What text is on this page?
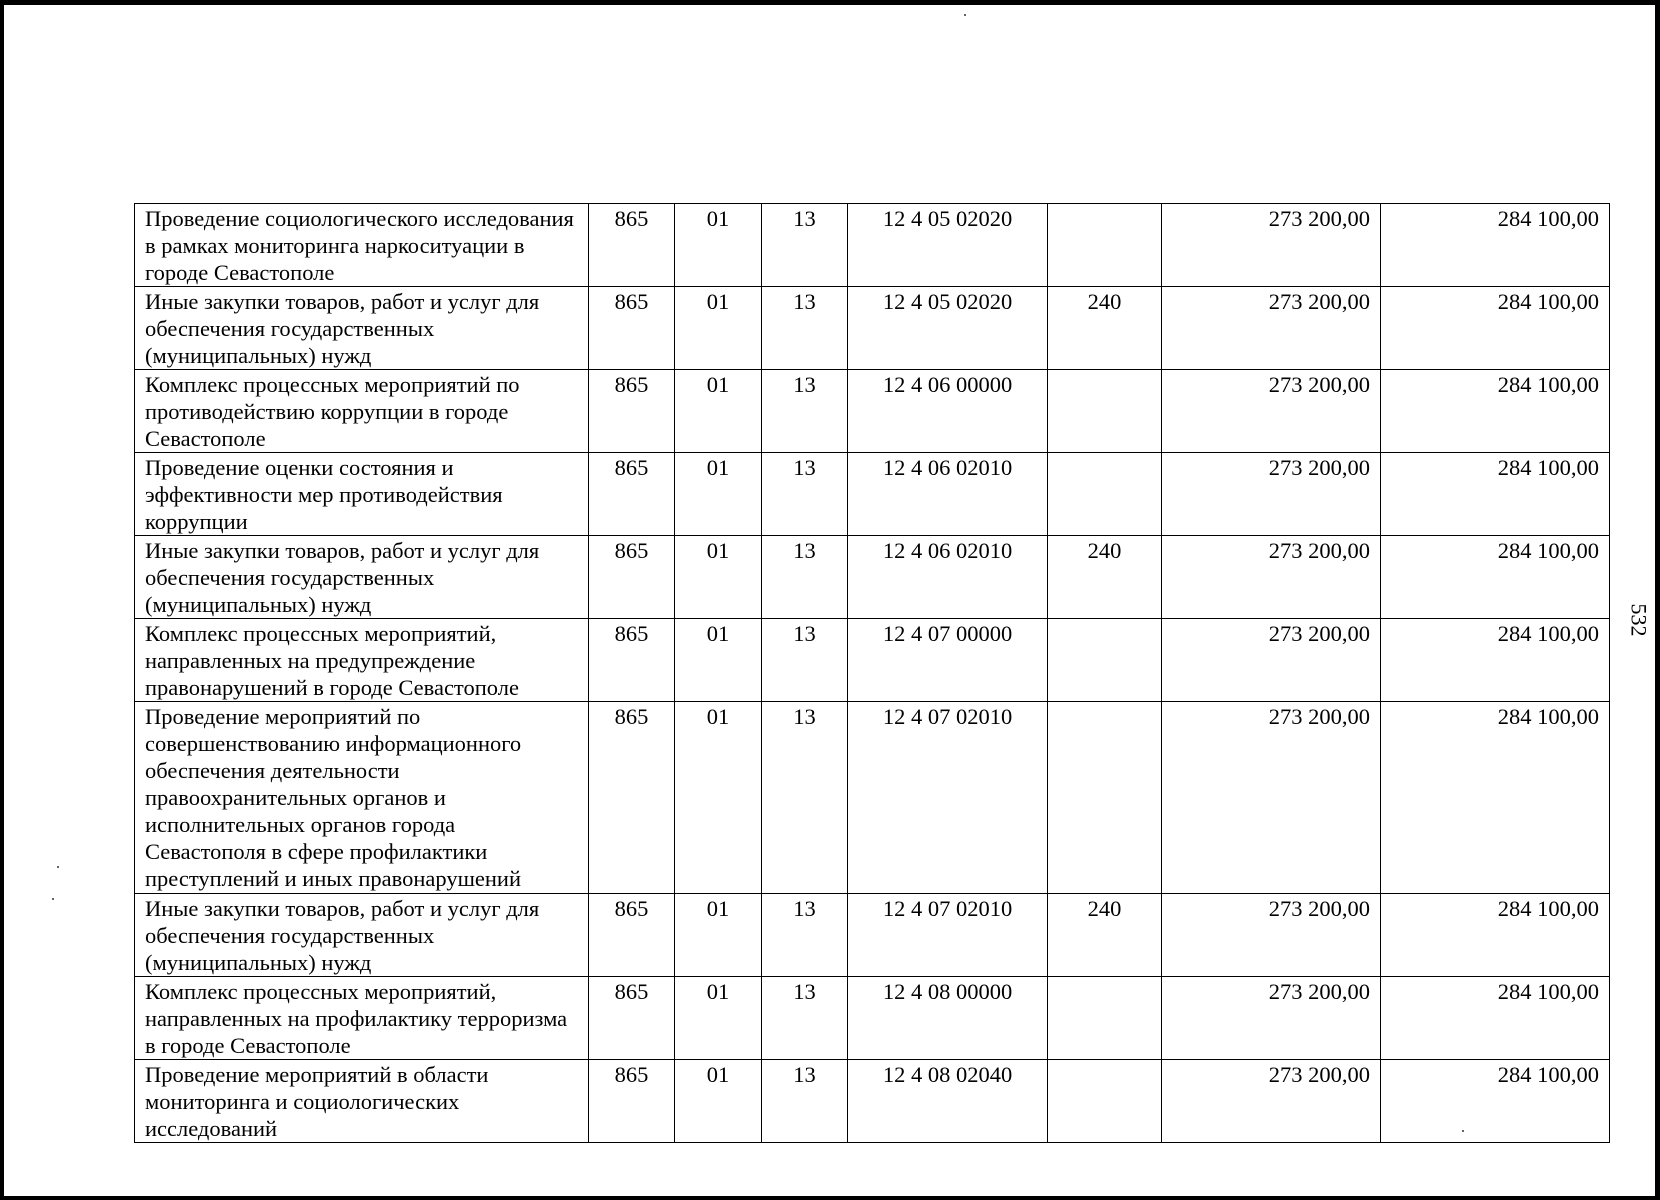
Проведение социологического исследования в рамках мониторинга наркоситуации в городе Севастополе	865	01	13	12 4 05 02020		273 200,00	284 100,00
Иные закупки товаров, работ и услуг для обеспечения государственных (муниципальных) нужд	865	01	13	12 4 05 02020	240	273 200,00	284 100,00
Комплекс процессных мероприятий по противодействию коррупции в городе Севастополе	865	01	13	12 4 06 00000		273 200,00	284 100,00
Проведение оценки состояния и эффективности мер противодействия коррупции	865	01	13	12 4 06 02010		273 200,00	284 100,00
Иные закупки товаров, работ и услуг для обеспечения государственных (муниципальных) нужд	865	01	13	12 4 06 02010	240	273 200,00	284 100,00
Комплекс процессных мероприятий, направленных на предупреждение правонарушений в городе Севастополе	865	01	13	12 4 07 00000		273 200,00	284 100,00
Проведение мероприятий по совершенствованию информационного обеспечения деятельности правоохранительных органов и исполнительных органов города Севастополя в сфере профилактики преступлений и иных правонарушений	865	01	13	12 4 07 02010		273 200,00	284 100,00
Иные закупки товаров, работ и услуг для обеспечения государственных (муниципальных) нужд	865	01	13	12 4 07 02010	240	273 200,00	284 100,00
Комплекс процессных мероприятий, направленных на профилактику терроризма в городе Севастополе	865	01	13	12 4 08 00000		273 200,00	284 100,00
Проведение мероприятий в области мониторинга и социологических исследований	865	01	13	12 4 08 02040		273 200,00	284 100,00
532
